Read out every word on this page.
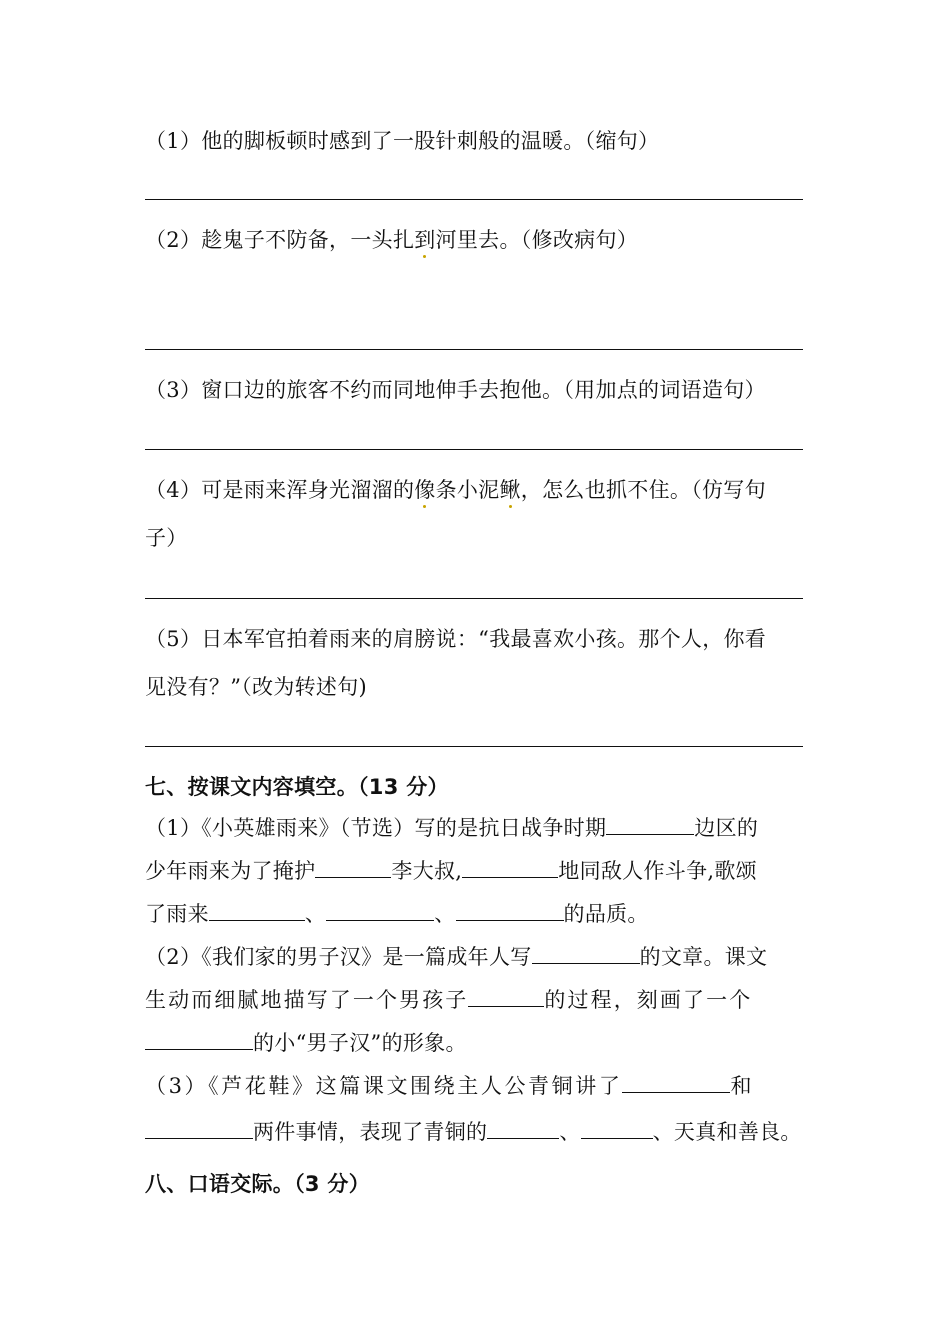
（1）他的脚板顿时感到了一股针刺般的温暖。（缩句）
（2）趁鬼子不防备，一头扎到河里去。（修改病句）
（3）窗口边的旅客不约而同地伸手去抱他。（用加点的词语造句）
（4）可是雨来浑身光溜溜的像条小泥鳅，怎么也抓不住。（仿写句
子）
（5）日本军官拍着雨来的肩膀说：“我最喜欢小孩。那个人，你看
见没有？”（改为转述句)
七、按课文内容填空。（13 分）
（1）《小英雄雨来》（节选）写的是抗日战争时期	边区的
少年雨来为了掩护	李大叔,	地同敌人作斗争,歌颂
了雨来	、	、	的品质。
（2）《我们家的男子汉》是一篇成年人写	的文章。课文
生动而细腻地描写了一个男孩子	的过程，刻画了一个
的小“男子汉”的形象。
（3）《芦花鞋》这篇课文围绕主人公青铜讲了	和
两件事情，表现了青铜的	、	、天真和善良。
八、口语交际。（3 分）
